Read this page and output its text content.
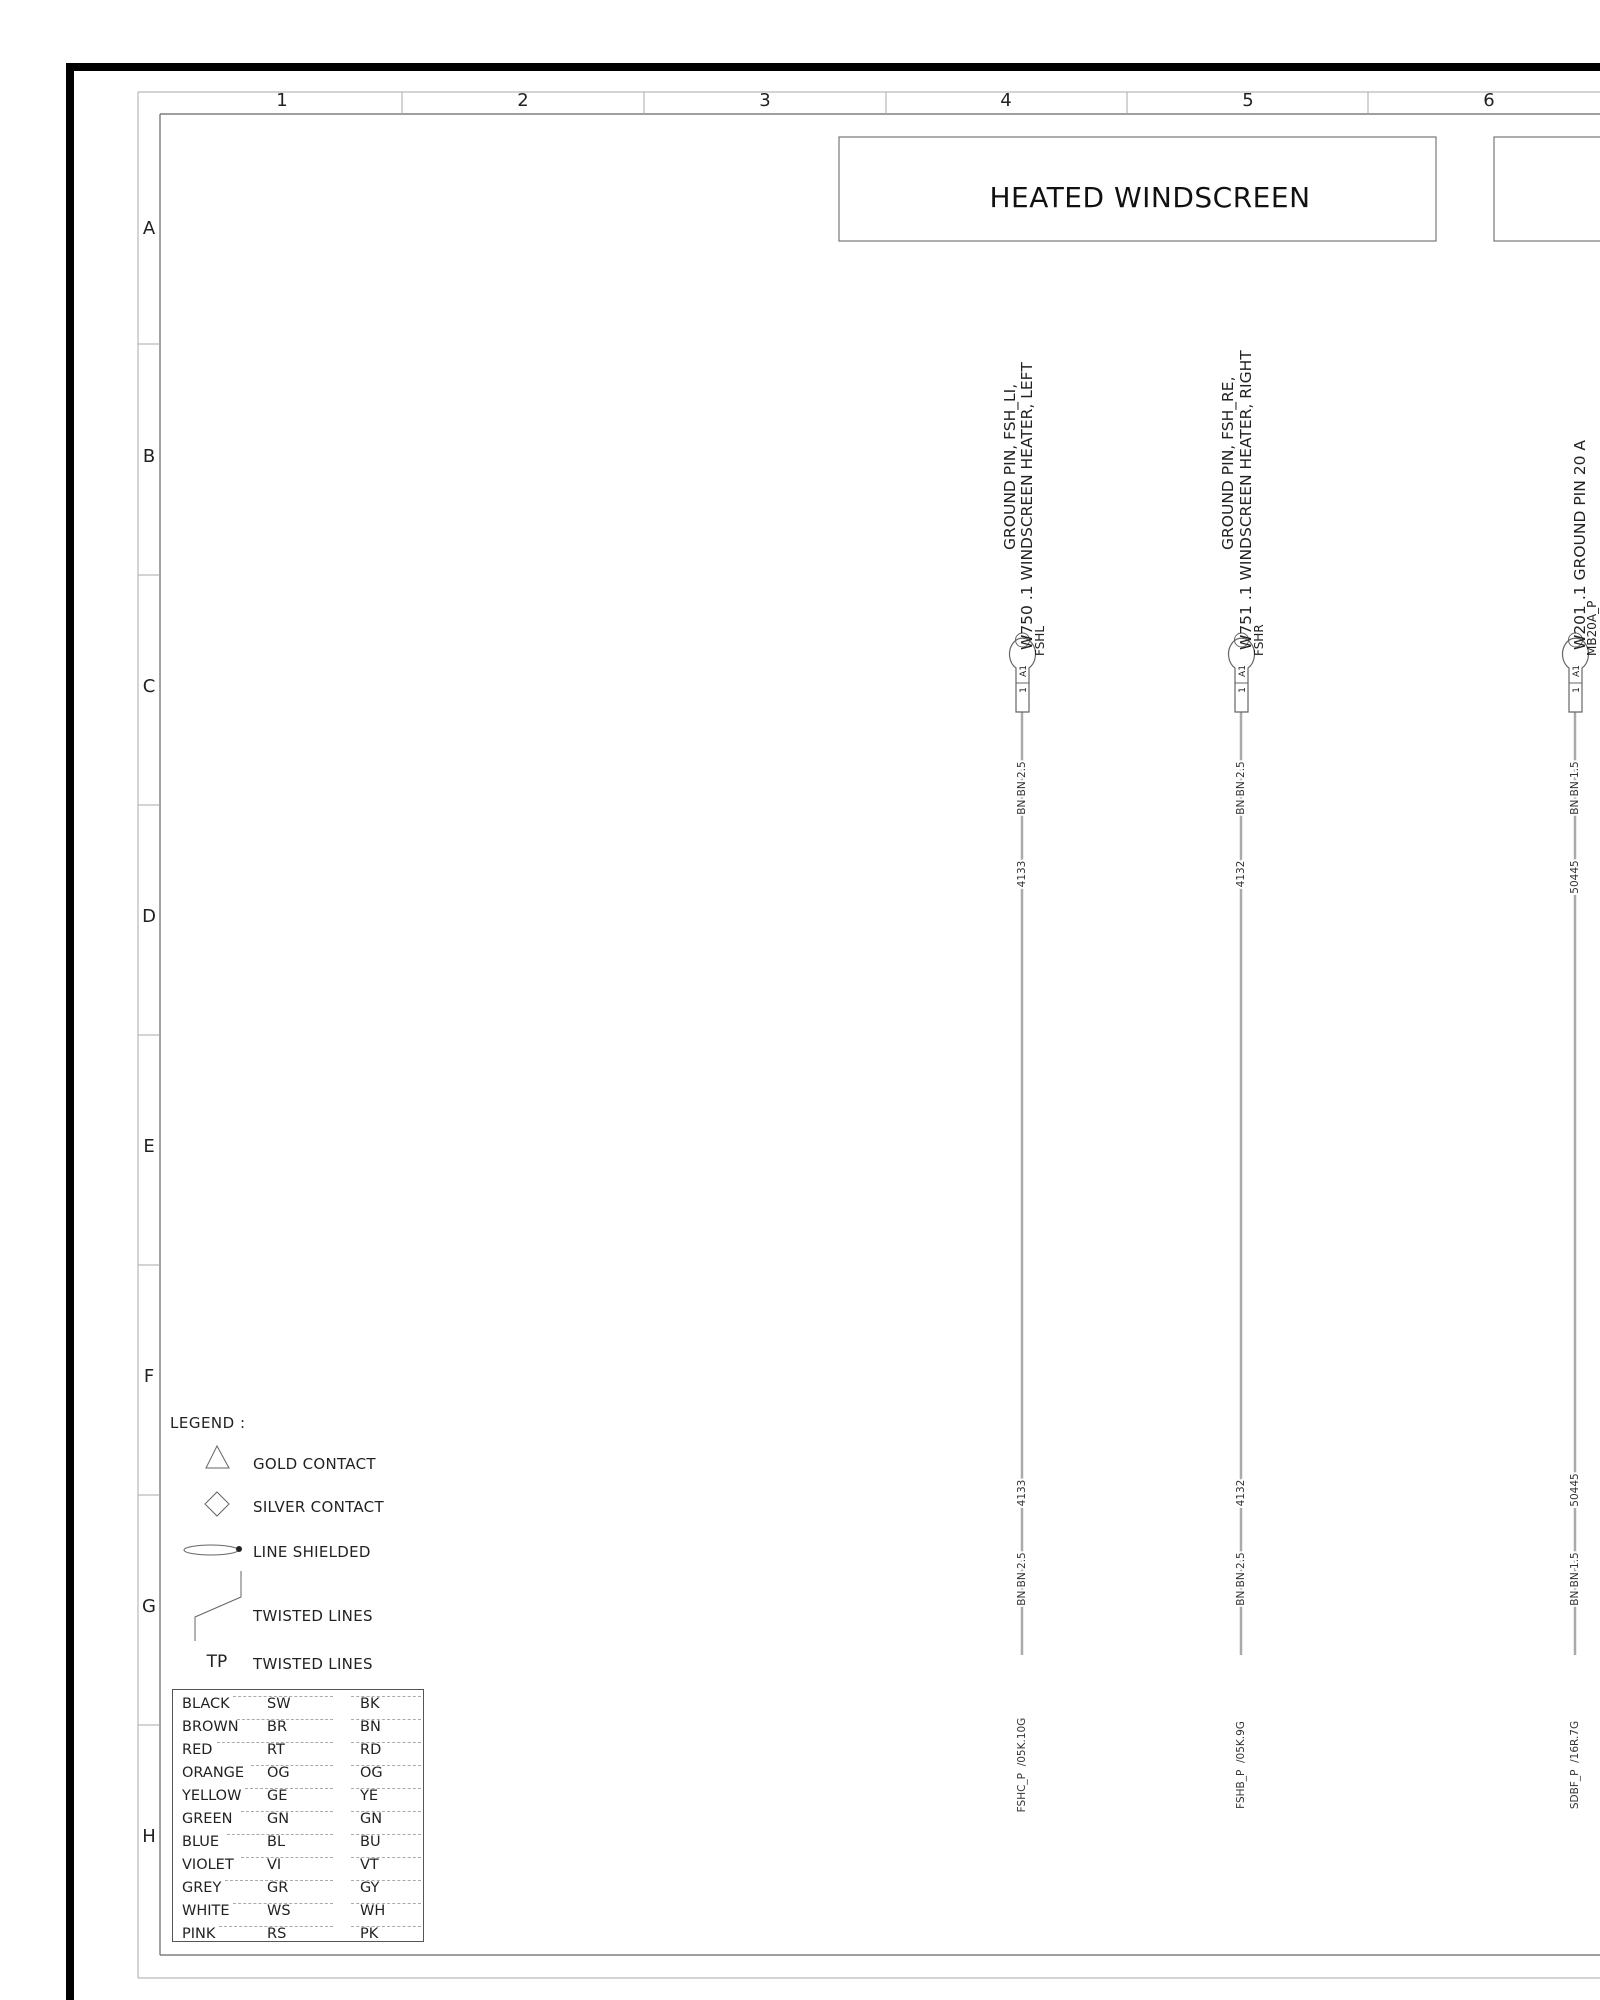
1	2	3	4	5	6
A
B
C
D
E
F
G
H
HEATED WINDSCREEN
GROUND PIN, FSH_LI, W750 .1 WINDSCREEN HEATER, LEFT
FSHL
1
A1
BN BN 2.5
4133
4133
BN BN 2.5
FSHC_P  /05K.10G
GROUND PIN, FSH_RE, W751 .1 WINDSCREEN HEATER, RIGHT
FSHR
1
A1
BN BN 2.5
4132
4132
BN BN 2.5
FSHB_P  /05K.9G
W201 .1 GROUND PIN 20 A
MB20A_P
1
A1
BN BN 1.5
50445
50445
BN BN 1.5
SDBF_P  /16R.7G
TP
LEGEND :
GOLD CONTACT
SILVER CONTACT
LINE SHIELDED
TWISTED LINES
TWISTED LINES
BLACK	SW	BK
BROWN BR	BN
RED	RT	RD
ORANGE OG	OG
YELLOW GE	YE
GREEN GN	GN
BLUE	BL	BU
VIOLET VI	VT
GREY	GR	GY
WHITE	WS	WH
PINK	RS	PK
